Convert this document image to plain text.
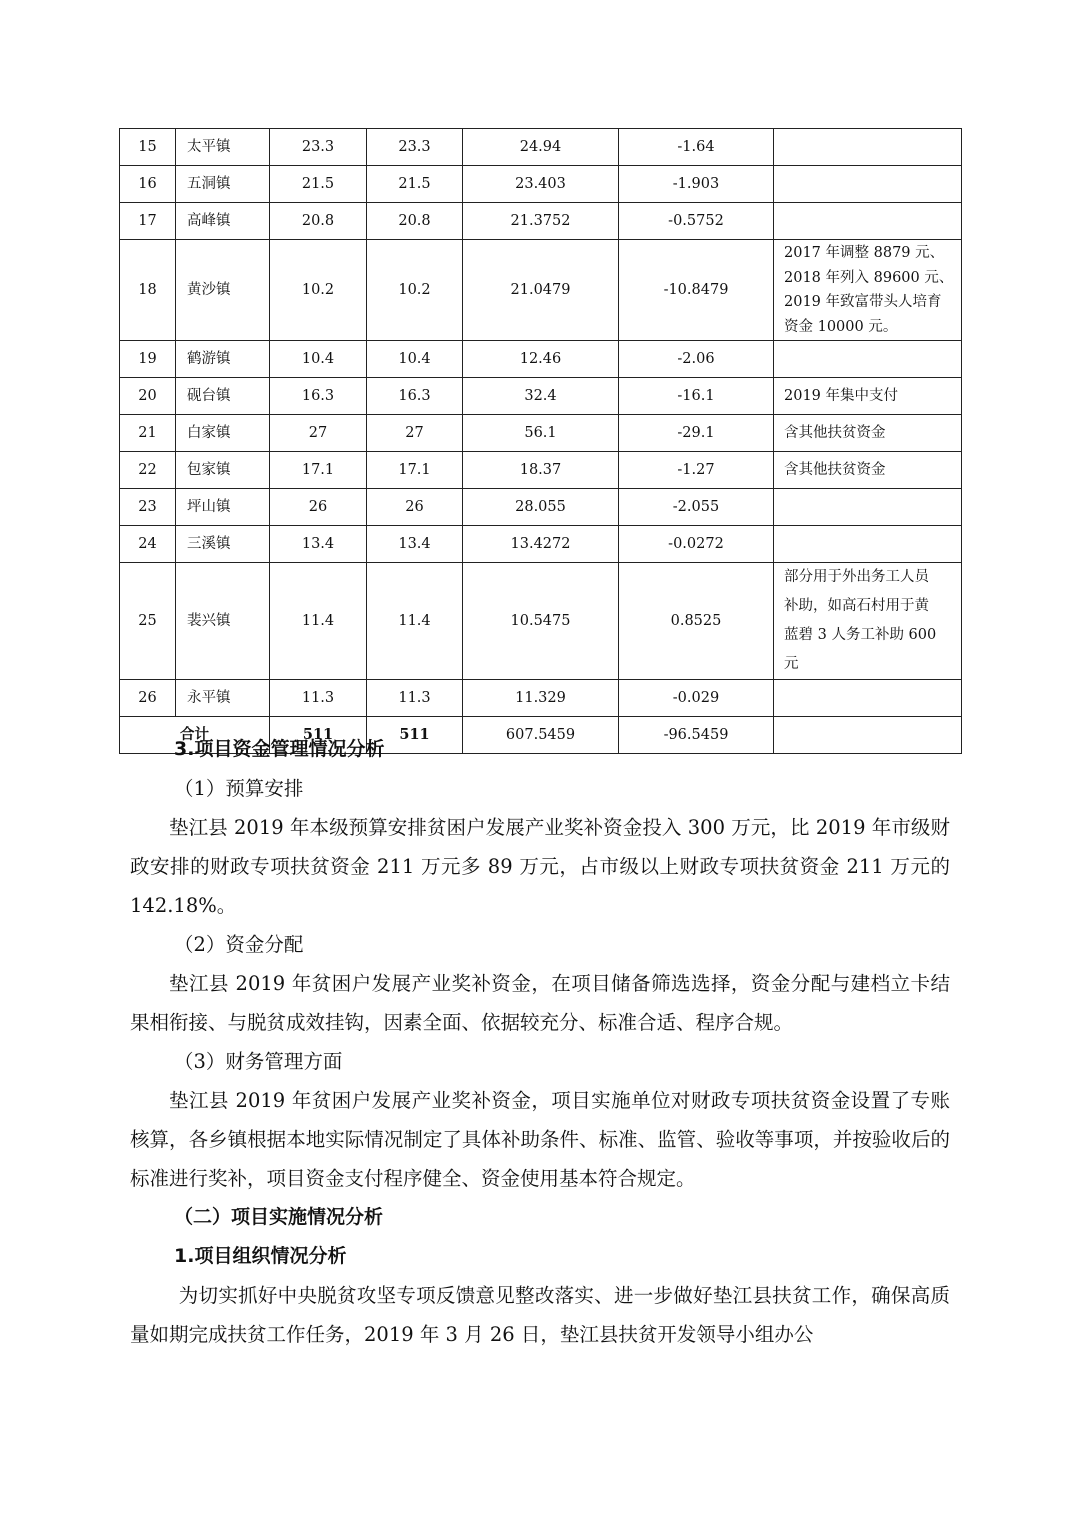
15	太平镇	23.3	23.3	24.94	-1.64	
16	五洞镇	21.5	21.5	23.403	-1.903	
17	高峰镇	20.8	20.8	21.3752	-0.5752	
18	黄沙镇	10.2	10.2	21.0479	-10.8479	2017 年调整 8879 元、
2018 年列入 89600 元、
2019 年致富带头人培育
资金 10000 元。

19	鹤游镇	10.4	10.4	12.46	-2.06	
20	砚台镇	16.3	16.3	32.4	-16.1	2019 年集中支付

21	白家镇	27	27	56.1	-29.1	含其他扶贫资金

22	包家镇	17.1	17.1	18.37	-1.27	含其他扶贫资金

23	坪山镇	26	26	28.055	-2.055	
24	三溪镇	13.4	13.4	13.4272	-0.0272	
25	裴兴镇	11.4	11.4	10.5475	0.8525	部分用于外出务工人员
补助，如高石村用于黄
蓝碧 3 人务工补助 600
元

26	永平镇	11.3	11.3	11.329	-0.029	
合计		511	511	607.5459	-96.5459	

3.项目资金管理情况分析

（1）预算安排

垫江县 2019 年本级预算安排贫困户发展产业奖补资金投入 300 万元，比 2019 年市级财政安排的财政专项扶贫资金 211 万元多 89 万元，占市级以上财政专项扶贫资金 211 万元的 142.18%。

（2）资金分配

垫江县 2019 年贫困户发展产业奖补资金，在项目储备筛选选择，资金分配与建档立卡结果相衔接、与脱贫成效挂钩，因素全面、依据较充分、标准合适、程序合规。

（3）财务管理方面

垫江县 2019 年贫困户发展产业奖补资金，项目实施单位对财政专项扶贫资金设置了专账核算，各乡镇根据本地实际情况制定了具体补助条件、标准、监管、验收等事项，并按验收后的标准进行奖补，项目资金支付程序健全、资金使用基本符合规定。

（二）项目实施情况分析

1.项目组织情况分析

为切实抓好中央脱贫攻坚专项反馈意见整改落实、进一步做好垫江县扶贫工作，确保高质量如期完成扶贫工作任务，2019 年 3 月 26 日，垫江县扶贫开发领导小组办公
